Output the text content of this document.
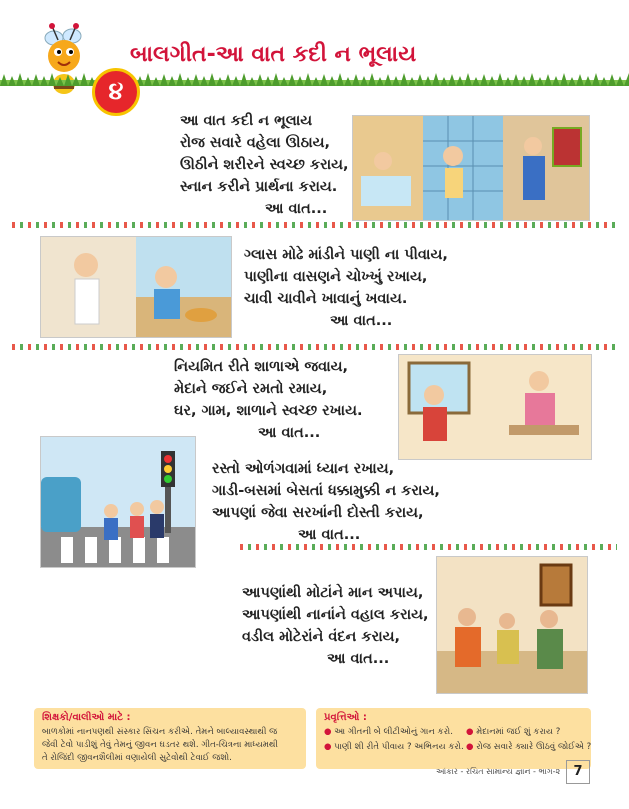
૪
બાલગીત-આ વાત કદી ન ભૂલાય
આ વાત કદી ન ભૂલાય
રોજ સવારે વહેલા ઊઠાય,
ઊઠીને શરીરને સ્વચ્છ કરાય,
સ્નાન કરીને પ્રાર્થના કરાય.
આ વાત...
ગ્લાસ મોઢે માંડીને પાણી ના પીવાય,
પાણીના વાસણને ચોખ્ખું રખાય,
ચાવી ચાવીને ખાવાનું ખવાય.
આ વાત...
નિયમિત રીતે શાળાએ જવાય,
મેદાને જઈને રમતો રમાય,
ઘર, ગામ, શાળાને સ્વચ્છ રખાય.
આ વાત...
રસ્તો ઓળંગવામાં ધ્યાન રખાય,
ગાડી-બસમાં બેસતાં ધક્કામુક્કી ન કરાય,
આપણાં જેવા સરખાંની દોસ્તી કરાય,
આ વાત...
આપણાંથી મોટાંને માન અપાય,
આપણાંથી નાનાંને વહાલ કરાય,
વડીલ મોટેરાંને વંદન કરાય,
આ વાત...
શિક્ષકો/વાલીઓ માટે :
બાળકોમાં નાનપણથી સંસ્કાર સિંચન કરીએ. તેમને બાલ્યાવસ્થાથી જ
જેવી ટેવો પાડીશું તેવું તેમનું જીવન ઘડતર થશે. ગીત-ચિત્રના માધ્યમથી
તે રોજિંદી જીવનશૈલીમાં વણાયેલી સુટેવોથી ટેવાઈ જશો.
પ્રવૃત્તિઓ :
● આ ગીતની બે લીટીઓનું ગાન કરો. ● મેદાનમાં જઈ શું કરાય ?
● પાણી શી રીતે પીવાય ? અભિનય કરો. ● રોજ સવારે ક્યારે ઊઠવું જોઈએ ?
આંકાર - રચિત સામાન્ય જ્ઞાન - ભાગ-૨	7
